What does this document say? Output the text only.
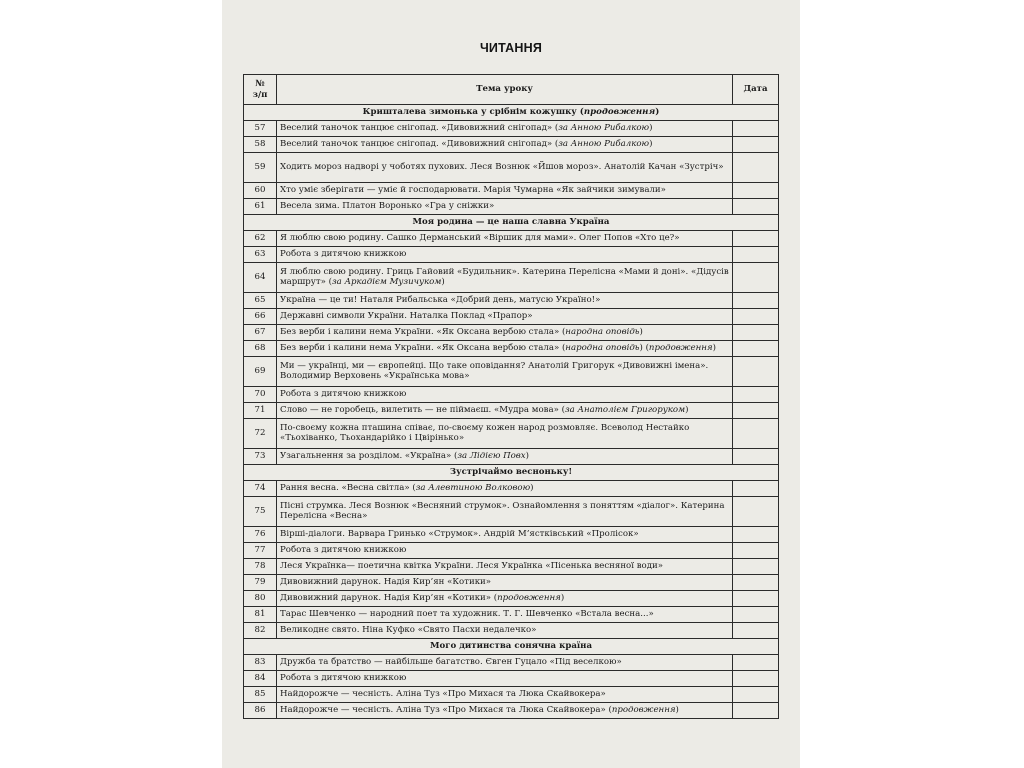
ЧИТАННЯ
№
з/п	Тема уроку	Дата
Кришталева зимонька у срібнім кожушку (продовження)		
57	Веселий таночок танцює снігопад. «Дивовижний снігопад» (за Анною Рибалкою)	
58	Веселий таночок танцює снігопад. «Дивовижний снігопад» (за Анною Рибалкою)	
59	Ходить мороз надворі у чоботях пухових. Леся Вознюк «Йшов мороз». Анатолій Качан «Зустріч»	
60	Хто уміє зберігати — уміє й господарювати. Марія Чумарна «Як зайчики зимували»	
61	Весела зима. Платон Воронько «Гра у сніжки»	
Моя родина — це наша славна Україна		
62	Я люблю свою родину. Сашко Дерманський «Віршик для мами». Олег Попов «Хто це?»	
63	Робота з дитячою книжкою	
64	Я люблю свою родину. Гриць Гайовий «Будильник». Катерина Перелісна «Мами й доні». «Дідусів маршрут» (за Аркадієм Музичуком)	
65	Україна — це ти! Наталя Рибальська «Добрий день, матусю Україно!»	
66	Державні символи України. Наталка Поклад «Прапор»	
67	Без верби і калини нема України. «Як Оксана вербою стала» (народна оповідь)	
68	Без верби і калини нема України. «Як Оксана вербою стала» (народна оповідь) (продовження)	
69	Ми — українці, ми — європейці. Що таке оповідання? Анатолій Григорук «Дивовижні імена». Володимир Верховень «Українська мова»	
70	Робота з дитячою книжкою	
71	Слово — не горобець, вилетить — не піймаєш. «Мудра мова» (за Анатолієм Григоруком)	
72	По-своєму кожна пташина співає, по-своєму кожен народ розмовляє. Всеволод Нестайко «Тьохіванко, Тьохандарійко і Цвірінько»	
73	Узагальнення за розділом. «Україна» (за Лідією Повх)	
Зустрічаймо весноньку!		
74	Рання весна. «Весна світла» (за Алевтиною Волковою)	
75	Пісні струмка. Леся Вознюк «Весняний струмок». Ознайомлення з поняттям «діалог». Катерина Перелісна «Весна»	
76	Вірші-діалоги. Варвара Гринько «Струмок». Андрій М’ястківський «Пролісок»	
77	Робота з дитячою книжкою	
78	Леся Українка— поетична квітка України. Леся Українка «Пісенька весняної води»	
79	Дивовижний дарунок. Надія Кир’ян «Котики»	
80	Дивовижний дарунок. Надія Кир’ян «Котики» (продовження)	
81	Тарас Шевченко — народний поет та художник. Т. Г. Шевченко «Встала весна...»	
82	Великоднє свято. Ніна Куфко «Свято Пасхи недалечко»	
Мого дитинства сонячна країна		
83	Дружба та братство — найбільше багатство. Євген Гуцало «Під веселкою»	
84	Робота з дитячою книжкою	
85	Найдорожче — чесність. Аліна Туз «Про Михася та Люка Скайвокера»	
86	Найдорожче — чесність. Аліна Туз «Про Михася та Люка Скайвокера» (продовження)	
